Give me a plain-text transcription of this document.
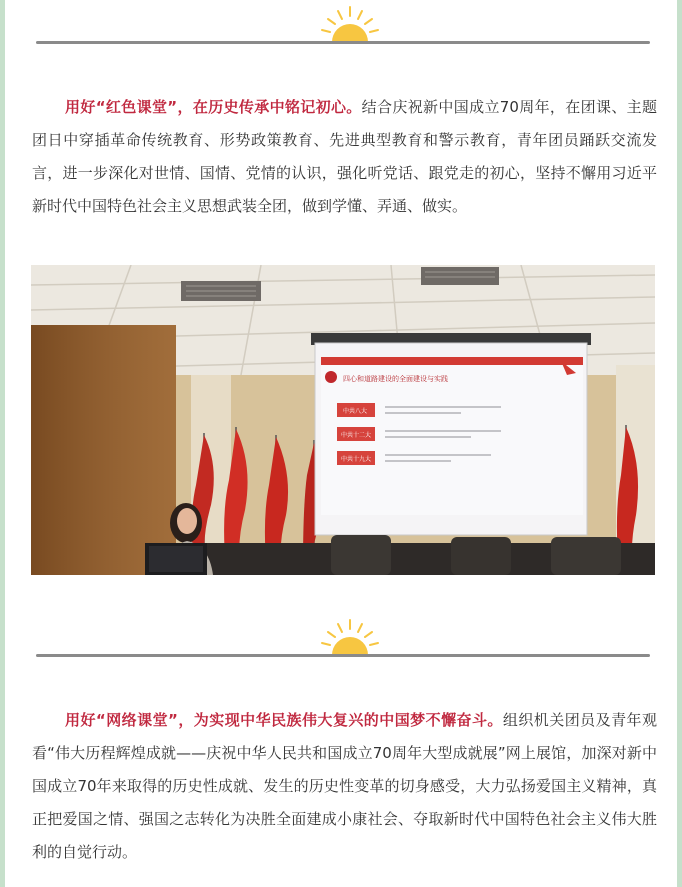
用好“红色课堂”，在历史传承中铭记初心。结合庆祝新中国成立70周年，在团课、主题团日中穿插革命传统教育、形势政策教育、先进典型教育和警示教育，青年团员踊跃交流发言，进一步深化对世情、国情、党情的认识，强化听党话、跟党走的初心，坚持不懈用习近平新时代中国特色社会主义思想武装全团，做到学懂、弄通、做实。

四心和道路建设的全面建设与实践
中共八大
中共十二大
中共十九大

用好“网络课堂”，为实现中华民族伟大复兴的中国梦不懈奋斗。组织机关团员及青年观看“伟大历程辉煌成就——庆祝中华人民共和国成立70周年大型成就展”网上展馆，加深对新中国成立70年来取得的历史性成就、发生的历史性变革的切身感受，大力弘扬爱国主义精神，真正把爱国之情、强国之志转化为决胜全面建成小康社会、夺取新时代中国特色社会主义伟大胜利的自觉行动。
